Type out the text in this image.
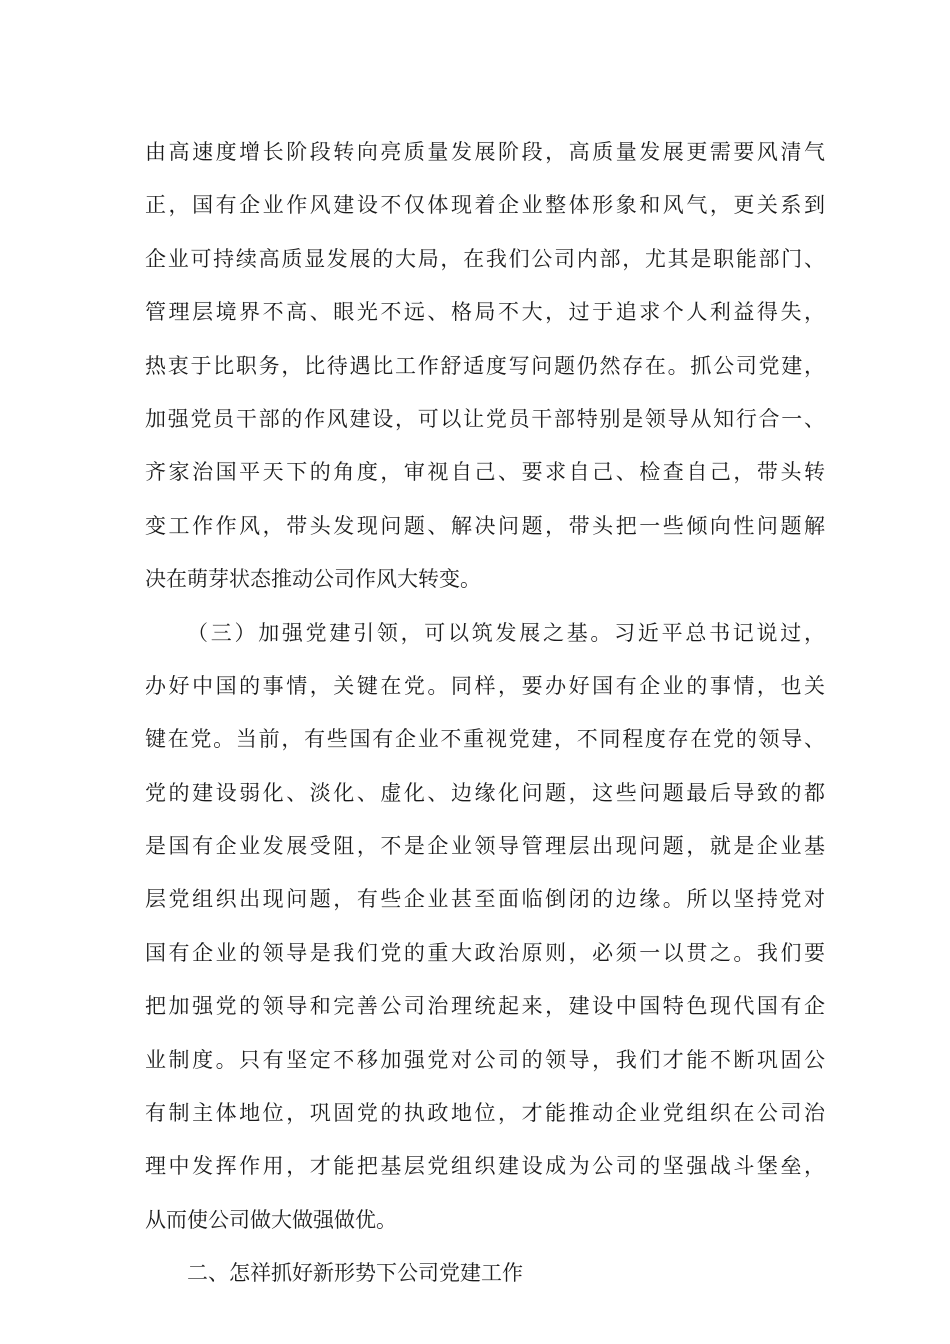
由高速度增长阶段转向亮质量发展阶段，高质量发展更需要风清气
正，国有企业作风建设不仅体现着企业整体形象和风气，更关系到
企业可持续高质显发展的大局，在我们公司内部，尤其是职能部门、
管理层境界不高、眼光不远、格局不大，过于追求个人利益得失，
热衷于比职务，比待遇比工作舒适度写问题仍然存在。抓公司党建，
加强党员干部的作风建设，可以让党员干部特别是领导从知行合一、
齐家治国平天下的角度，审视自己、要求自己、检查自己，带头转
变工作作风，带头发现问题、解决问题，带头把一些倾向性问题解
决在萌芽状态推动公司作风大转变。
（三）加强党建引领，可以筑发展之基。习近平总书记说过，
办好中国的事情，关键在党。同样，要办好国有企业的事情，也关
键在党。当前，有些国有企业不重视党建，不同程度存在党的领导、
党的建设弱化、淡化、虚化、边缘化问题，这些问题最后导致的都
是国有企业发展受阻，不是企业领导管理层出现问题，就是企业基
层党组织出现问题，有些企业甚至面临倒闭的边缘。所以坚持党对
国有企业的领导是我们党的重大政治原则，必须一以贯之。我们要
把加强党的领导和完善公司治理统起来，建设中国特色现代国有企
业制度。只有坚定不移加强党对公司的领导，我们才能不断巩固公
有制主体地位，巩固党的执政地位，才能推动企业党组织在公司治
理中发挥作用，才能把基层党组织建设成为公司的坚强战斗堡垒，
从而使公司做大做强做优。
二、怎祥抓好新形势下公司党建工作
